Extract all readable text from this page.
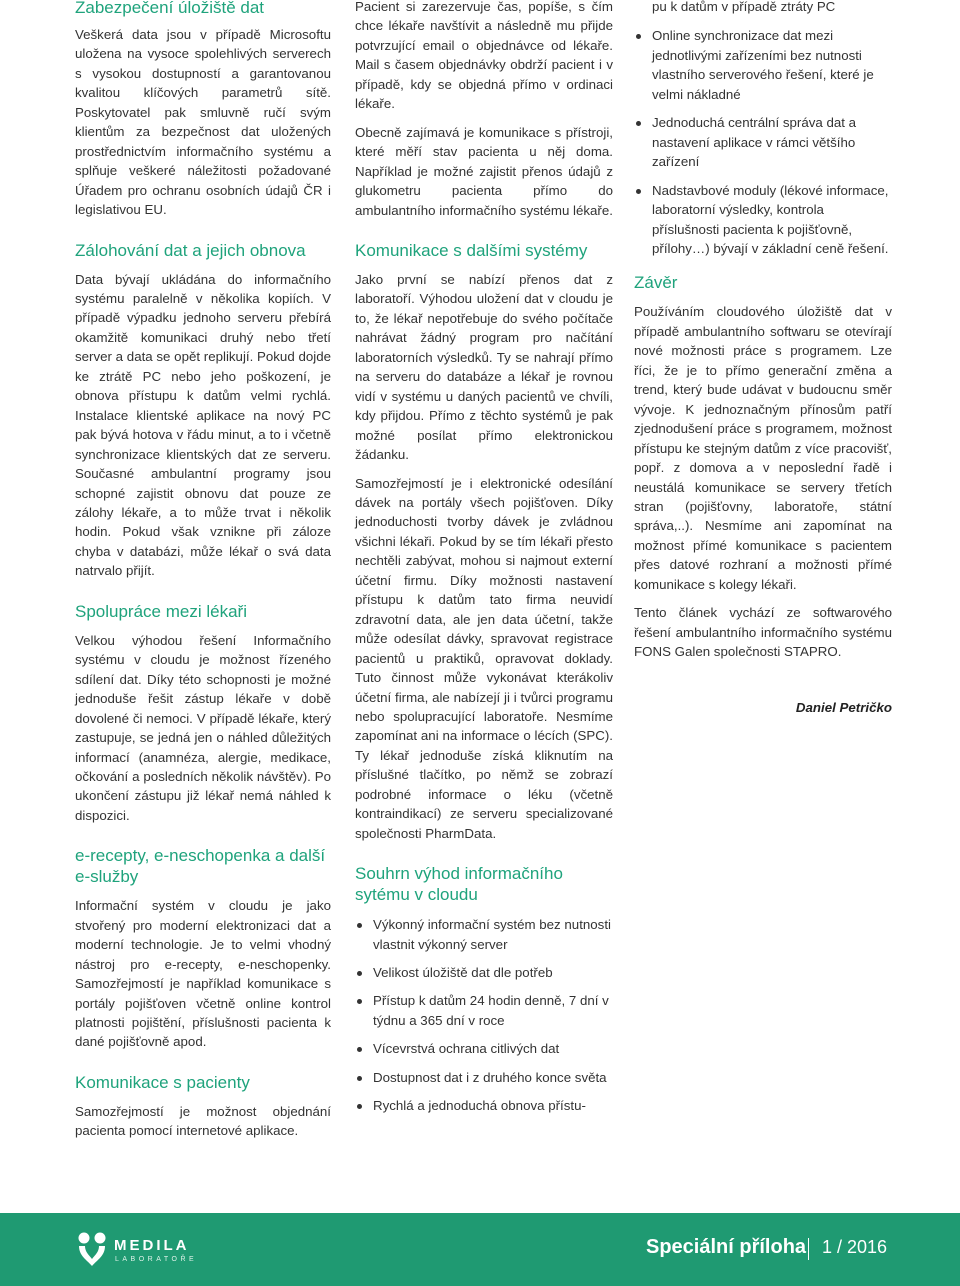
Zabezpečení úložiště dat

Veškerá data jsou v případě Microsoftu uložena na vysoce spolehlivých serverech s vysokou dostupností a garantovanou kvalitou klíčových parametrů sítě. Poskytovatel pak smluvně ručí svým klientům za bezpečnost dat uložených prostřednictvím informačního systému a splňuje veškeré náležitosti požadované Úřadem pro ochranu osobních údajů ČR i legislativou EU.

Zálohování dat a jejich obnova

Data bývají ukládána do informačního systému paralelně v několika kopiích. V případě výpadku jednoho serveru přebírá okamžitě komunikaci druhý nebo třetí server a data se opět replikují. Pokud dojde ke ztrátě PC nebo jeho poškození, je obnova přístupu k datům velmi rychlá. Instalace klientské aplikace na nový PC pak bývá hotova v řádu minut, a to i včetně synchronizace klientských dat ze serveru. Současné ambulantní programy jsou schopné zajistit obnovu dat pouze ze zálohy lékaře, a to může trvat i několik hodin. Pokud však vznikne při záloze chyba v databázi, může lékař o svá data natrvalo přijít.

Spolupráce mezi lékaři

Velkou výhodou řešení Informačního systému v cloudu je možnost řízeného sdílení dat. Díky této schopnosti je možné jednoduše řešit zástup lékaře v době dovolené či nemoci. V případě lékaře, který zastupuje, se jedná jen o náhled důležitých informací (anamnéza, alergie, medikace, očkování a posledních několik návštěv). Po ukončení zástupu již lékař nemá náhled k dispozici.

e-recepty, e-neschopenka a další e-služby

Informační systém v cloudu je jako stvořený pro moderní elektronizaci dat a moderní technologie. Je to velmi vhodný nástroj pro e-recepty, e-neschopenky. Samozřejmostí je například komunikace s portály pojišťoven včetně online kontrol platnosti pojištění, příslušnosti pacienta k dané pojišťovně apod.

Komunikace s pacienty

Samozřejmostí je možnost objednání pacienta pomocí internetové aplikace.

Pacient si zarezervuje čas, popíše, s čím chce lékaře navštívit a následně mu přijde potvrzující email o objednávce od lékaře. Mail s časem objednávky obdrží pacient i v případě, kdy se objedná přímo v ordinaci lékaře.

Obecně zajímavá je komunikace s přístroji, které měří stav pacienta u něj doma. Například je možné zajistit přenos údajů z glukometru pacienta přímo do ambulantního informačního systému lékaře.

Komunikace s dalšími systémy

Jako první se nabízí přenos dat z laboratoří. Výhodou uložení dat v cloudu je to, že lékař nepotřebuje do svého počítače nahrávat žádný program pro načítání laboratorních výsledků. Ty se nahrají přímo na serveru do databáze a lékař je rovnou vidí v systému u daných pacientů ve chvíli, kdy přijdou. Přímo z těchto systémů je pak možné posílat přímo elektronickou žádanku.

Samozřejmostí je i elektronické odesílání dávek na portály všech pojišťoven. Díky jednoduchosti tvorby dávek je zvládnou všichni lékaři. Pokud by se tím lékaři přesto nechtěli zabývat, mohou si najmout externí účetní firmu. Díky možnosti nastavení přístupu k datům tato firma neuvidí zdravotní data, ale jen data účetní, takže může odesílat dávky, spravovat registrace pacientů u praktiků, opravovat doklady. Tuto činnost může vykonávat kterákoliv účetní firma, ale nabízejí ji i tvůrci programu nebo spolupracující laboratoře. Nesmíme zapomínat ani na informace o lécích (SPC). Ty lékař jednoduše získá kliknutím na příslušné tlačítko, po němž se zobrazí podrobné informace o léku (včetně kontraindikací) ze serveru specializované společnosti PharmData.

Souhrn výhod informačního sytému v cloudu
Výkonný informační systém bez nutnosti vlastnit výkonný server
Velikost úložiště dat dle potřeb
Přístup k datům 24 hodin denně, 7 dní v týdnu a 365 dní v roce
Vícevrstvá ochrana citlivých dat
Dostupnost dat i z druhého konce světa
Rychlá a jednoduchá obnova přístu-

pu k datům v případě ztráty PC

Online synchronizace dat mezi jednotlivými zařízeními bez nutnosti vlastního serverového řešení, které je velmi nákladné
Jednoduchá centrální správa dat a nastavení aplikace v rámci většího zařízení
Nadstavbové moduly (lékové informace, laboratorní výsledky, kontrola příslušnosti pacienta k pojišťovně, přílohy…) bývají v základní ceně řešení.
Závěr

Používáním cloudového úložiště dat v případě ambulantního softwaru se otevírají nové možnosti práce s programem. Lze říci, že je to přímo generační změna a trend, který bude udávat v budoucnu směr vývoje. K jednoznačným přínosům patří zjednodušení práce s programem, možnost přístupu ke stejným datům z více pracovišť, popř. z domova a v neposlední řadě i neustálá komunikace se servery třetích stran (pojišťovny, laboratoře, státní správa,..). Nesmíme ani zapomínat na možnost přímé komunikace s pacientem přes datové rozhraní a možnosti přímé komunikace s kolegy lékaři.

Tento článek vychází ze softwarového řešení ambulantního informačního systému FONS Galen společnosti STAPRO.

Daniel Petričko

MEDILA
LABORATOŘE
Speciální příloha 1 / 2016
